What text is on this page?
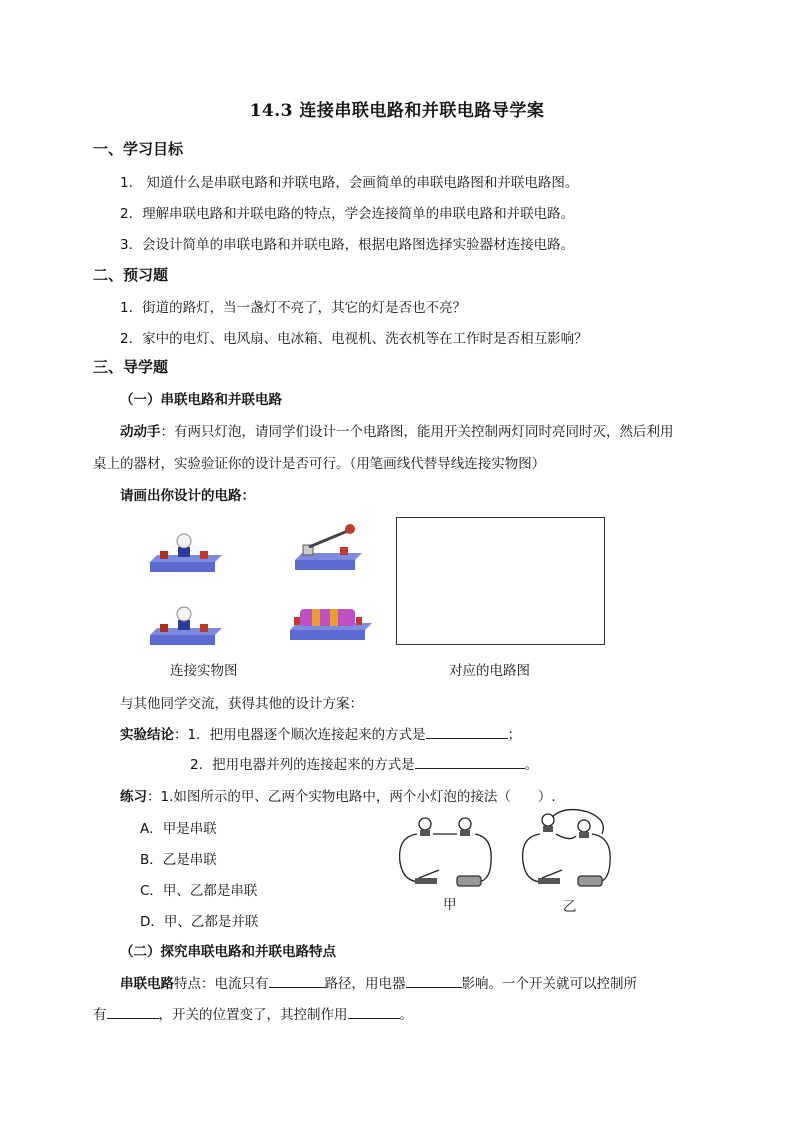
14.3 连接串联电路和并联电路导学案
一、学习目标
1． 知道什么是串联电路和并联电路，会画简单的串联电路图和并联电路图。
2．理解串联电路和并联电路的特点，学会连接简单的串联电路和并联电路。
3．会设计简单的串联电路和并联电路，根据电路图选择实验器材连接电路。
二、预习题
1．街道的路灯，当一盏灯不亮了，其它的灯是否也不亮？
2．家中的电灯、电风扇、电冰箱、电视机、洗衣机等在工作时是否相互影响？
三、导学题
（一）串联电路和并联电路
动动手：有两只灯泡，请同学们设计一个电路图，能用开关控制两灯同时亮同时灭，然后利用
桌上的器材，实验验证你的设计是否可行。（用笔画线代替导线连接实物图）
请画出你设计的电路：
连接实物图	对应的电路图
与其他同学交流，获得其他的设计方案：
实验结论：1．把用电器逐个顺次连接起来的方式是	；
2．把用电器并列的连接起来的方式是	。
练习：1.如图所示的甲、乙两个实物电路中，两个小灯泡的接法（　　）.
A．甲是串联
B．乙是串联
C．甲、乙都是串联
D．甲、乙都是并联
甲	乙
（二）探究串联电路和并联电路特点
串联电路特点：电流只有	路径，用电器	影响。一个开关就可以控制所
有	，开关的位置变了，其控制作用	。
